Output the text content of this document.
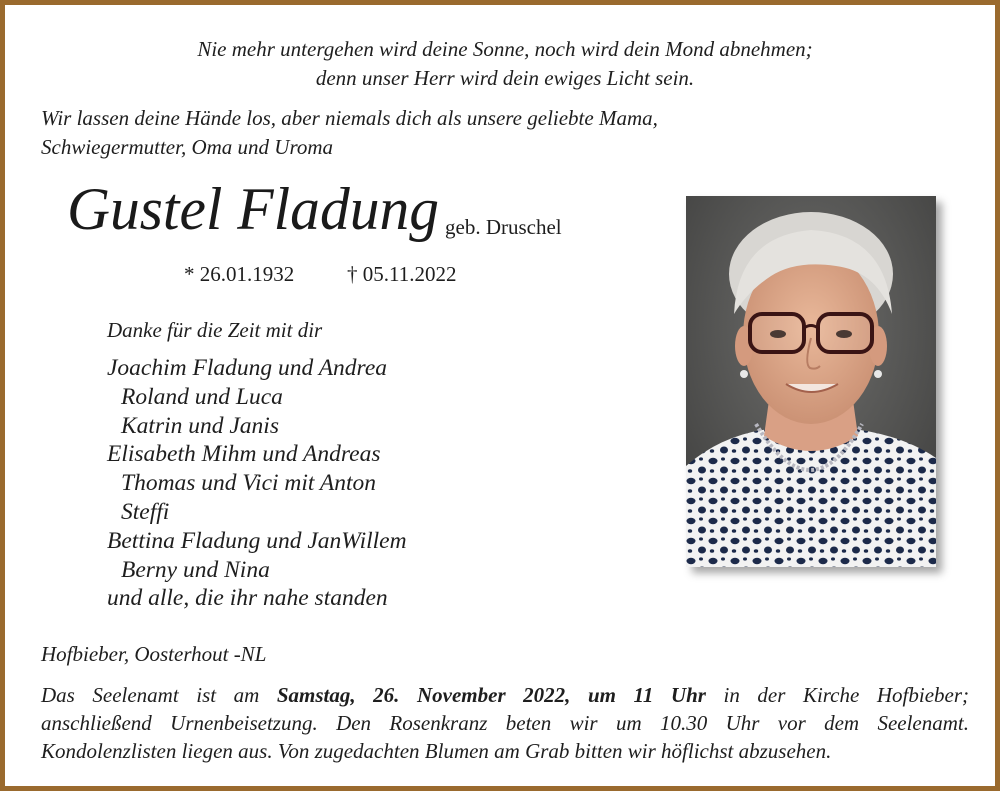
Nie mehr untergehen wird deine Sonne, noch wird dein Mond abnehmen;
denn unser Herr wird dein ewiges Licht sein.
Wir lassen deine Hände los, aber niemals dich als unsere geliebte Mama,
Schwiegermutter, Oma und Uroma
Gustel Fladung geb. Druschel
* 26.01.1932	† 05.11.2022
Danke für die Zeit mit dir
Joachim Fladung und Andrea
Roland und Luca
Katrin und Janis
Elisabeth Mihm und Andreas
Thomas und Vici mit Anton
Steffi
Bettina Fladung und JanWillem
Berny und Nina
und alle, die ihr nahe standen
Hofbieber, Oosterhout -NL
Das Seelenamt ist am Samstag, 26. November 2022, um 11 Uhr in der Kirche Hofbieber;
anschließend Urnenbeisetzung. Den Rosenkranz beten wir um 10.30 Uhr vor dem Seelenamt.
Kondolenzlisten liegen aus. Von zugedachten Blumen am Grab bitten wir höflichst abzusehen.
